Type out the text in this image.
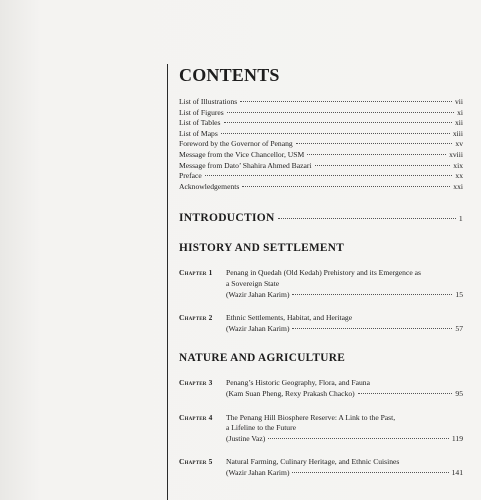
CONTENTS
List of Illustrations	vii
List of Figures	xi
List of Tables	xii
List of Maps	xiii
Foreword by the Governor of Penang	xv
Message from the Vice Chancellor, USM	xviii
Message from Dato’ Shahira Ahmed Bazari	xix
Preface	xx
Acknowledgements	xxi
INTRODUCTION	1
HISTORY AND SETTLEMENT
Chapter 1	Penang in Quedah (Old Kedah) Prehistory and its Emergence as
a Sovereign State
(Wazir Jahan Karim)	15
Chapter 2	Ethnic Settlements, Habitat, and Heritage
(Wazir Jahan Karim)	57
NATURE AND AGRICULTURE
Chapter 3	Penang’s Historic Geography, Flora, and Fauna
(Kam Suan Pheng, Rexy Prakash Chacko)	95
Chapter 4	The Penang Hill Biosphere Reserve: A Link to the Past,
a Lifeline to the Future
(Justine Vaz)	119
Chapter 5	Natural Farming, Culinary Heritage, and Ethnic Cuisines
(Wazir Jahan Karim)	141
